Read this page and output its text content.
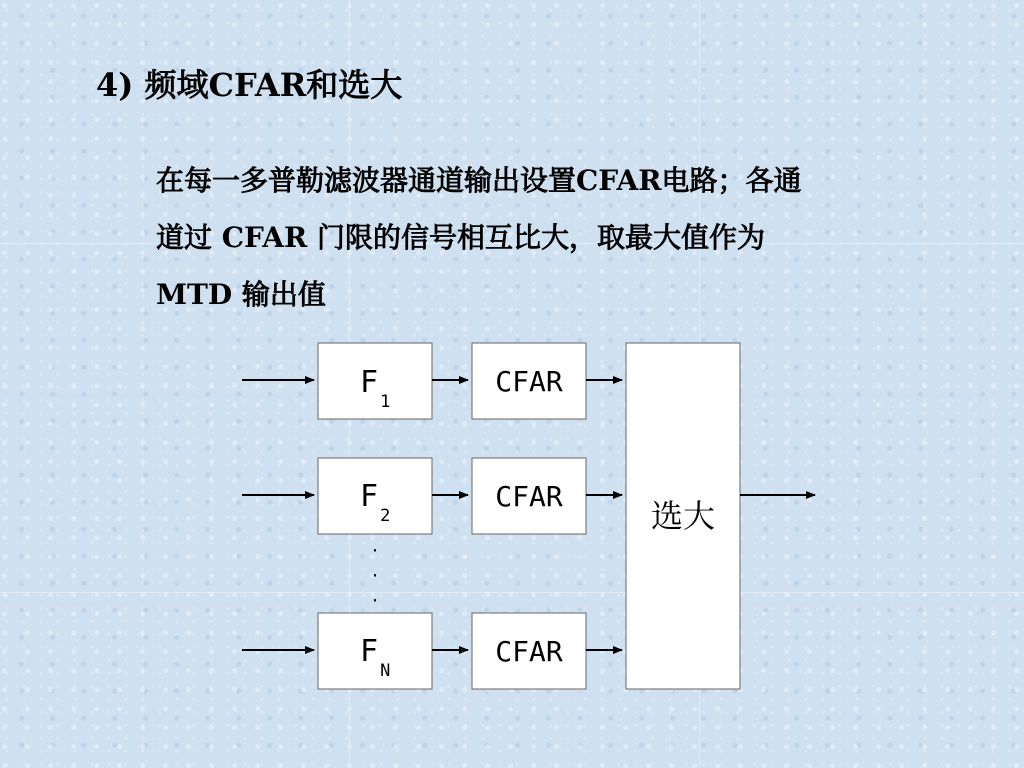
4) 频域CFAR和选大
在每一多普勒滤波器通道输出设置CFAR电路；各通
道过 CFAR 门限的信号相互比大，取最大值作为
MTD 输出值
$F_1$
CFAR
$F_2$
CFAR
·
·
·
$F_N$
CFAR
选大
